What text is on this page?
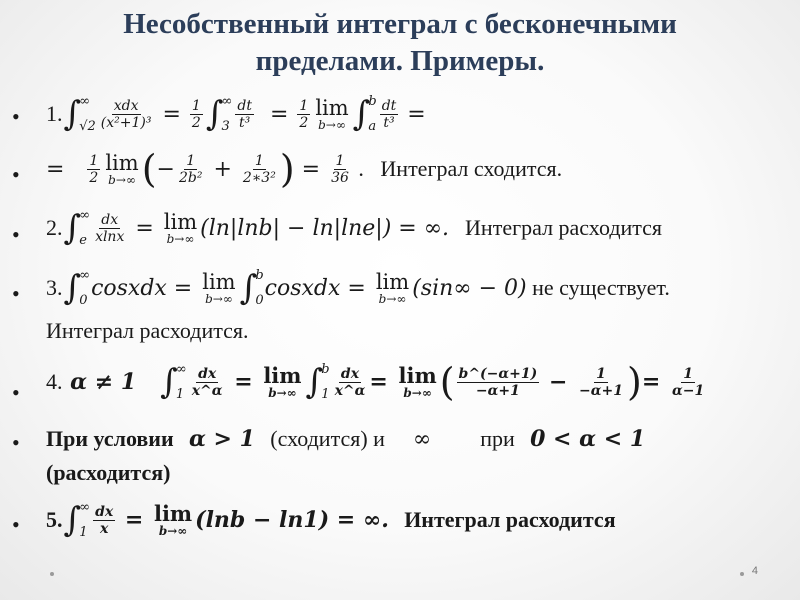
Несобственный интеграл с бесконечными
пределами. Примеры.
•
•
•
•
•
•
•
1. ∫
∞
√2
xdx
$(x^2+1)^3 = \frac{1}{2}$ ∫
∞
$3 \frac{dt}{\text{t³}} = \frac{1}{2}$ lim
b→∞ ∫
b
a $\frac{dt}{\text{t³}}$ =
= $\frac{1}{2}$ lim
b→∞ ( − $\frac{1}{\text{2b²}} + \frac{1}{\text{2∗3²}}$ ) = $\frac{1}{36}$ . Интеграл сходится.
2. ∫
∞
e $\frac{dx}{xlnx} = \lim$
b→∞ (ln|lnb| − ln|lne|) = ∞. Интеграл расходится
3. ∫
∞
0 cosxdx = lim
b→∞ ∫
b
0 cosxdx = lim
b→∞ (sin∞ − 0)
не существует.
Интеграл расходится.
4. α ≠ 1 ∫
∞
$1 \frac{dx}{x\^{}\alpha} = \lim$
b→∞ ∫
b
$1 \frac{dx}{x\^{}\alpha} = \lim$
b→∞ ( b^(−α+1)
$-\alpha+1 - \frac{1}{-\alpha+1}$ ) = $\frac{1}{\alpha-1}$
При условии α > 1 (сходится) и ∞ при 0 < α < 1
(расходится)
5. ∫
∞
$1 \frac{dx}{x} = \lim$
b→∞ (lnb − ln1) = ∞. Интеграл расходится
4
